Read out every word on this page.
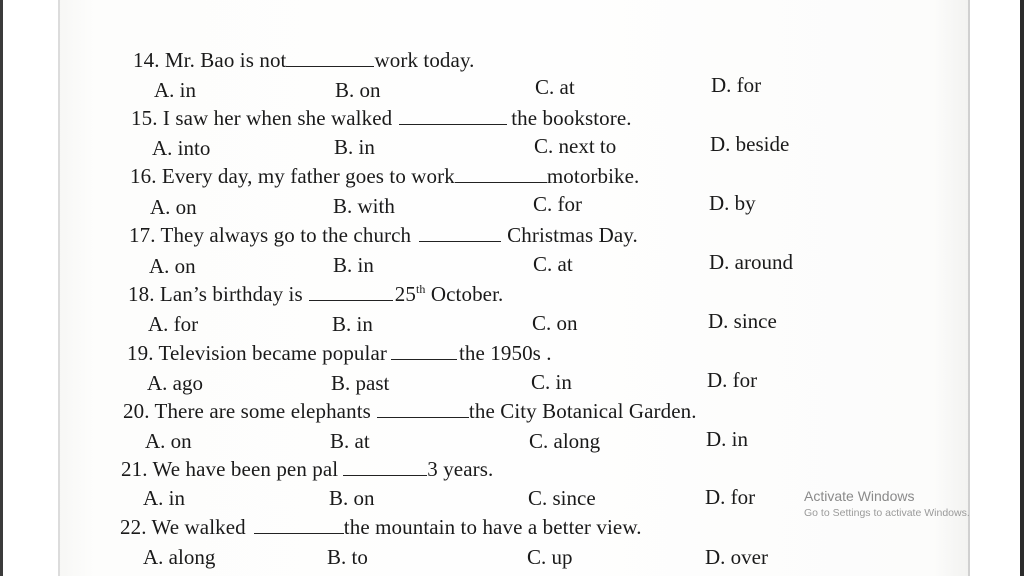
14. Mr. Bao is not	work today.
A. in	B. on	C. at	D. for
15. I saw her when she walked	the bookstore.
A. into	B. in	C. next to	D. beside
16. Every day, my father goes to work	motorbike.
A. on	B. with	C. for	D. by
17. They always go to the church	Christmas Day.
A. on	B. in	C. at	D. around
18. Lan’s birthday is	25th October.
A. for	B. in	C. on	D. since
19. Television became popular	the 1950s .
A. ago	B. past	C. in	D. for
20. There are some elephants	the City Botanical Garden.
A. on	B. at	C. along	D. in
21. We have been pen pal	3 years.
A. in	B. on	C. since	D. for
22. We walked	the mountain to have a better view.
A. along	B. to	C. up	D. over
Activate Windows
Go to Settings to activate Windows.
